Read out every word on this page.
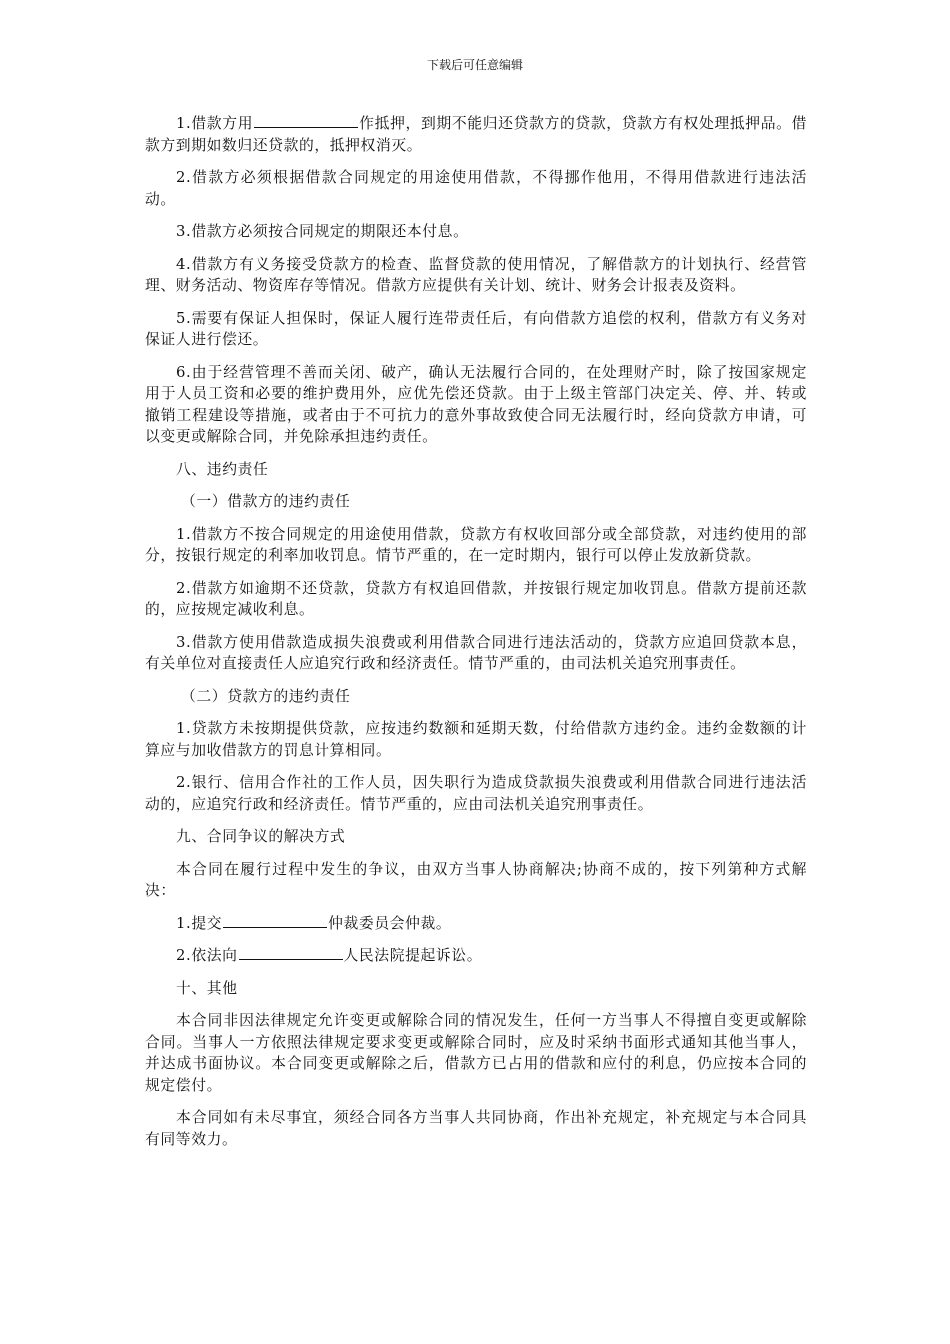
下载后可任意编辑

1.借款方用	作抵押，到期不能归还贷款方的贷款，贷款方有权处理抵押品。借款方到期如数归还贷款的，抵押权消灭。

2.借款方必须根据借款合同规定的用途使用借款，不得挪作他用，不得用借款进行违法活动。

3.借款方必须按合同规定的期限还本付息。

4.借款方有义务接受贷款方的检查、监督贷款的使用情况，了解借款方的计划执行、经营管理、财务活动、物资库存等情况。借款方应提供有关计划、统计、财务会计报表及资料。

5.需要有保证人担保时，保证人履行连带责任后，有向借款方追偿的权利，借款方有义务对保证人进行偿还。

6.由于经营管理不善而关闭、破产，确认无法履行合同的，在处理财产时，除了按国家规定用于人员工资和必要的维护费用外，应优先偿还贷款。由于上级主管部门决定关、停、并、转或撤销工程建设等措施，或者由于不可抗力的意外事故致使合同无法履行时，经向贷款方申请，可以变更或解除合同，并免除承担违约责任。

八、违约责任

（一）借款方的违约责任

1.借款方不按合同规定的用途使用借款，贷款方有权收回部分或全部贷款，对违约使用的部分，按银行规定的利率加收罚息。情节严重的，在一定时期内，银行可以停止发放新贷款。

2.借款方如逾期不还贷款，贷款方有权追回借款，并按银行规定加收罚息。借款方提前还款的，应按规定减收利息。

3.借款方使用借款造成损失浪费或利用借款合同进行违法活动的，贷款方应追回贷款本息，有关单位对直接责任人应追究行政和经济责任。情节严重的，由司法机关追究刑事责任。

（二）贷款方的违约责任

1.贷款方未按期提供贷款，应按违约数额和延期天数，付给借款方违约金。违约金数额的计算应与加收借款方的罚息计算相同。

2.银行、信用合作社的工作人员，因失职行为造成贷款损失浪费或利用借款合同进行违法活动的，应追究行政和经济责任。情节严重的，应由司法机关追究刑事责任。

九、合同争议的解决方式

本合同在履行过程中发生的争议，由双方当事人协商解决;协商不成的，按下列第种方式解决：

1.提交	仲裁委员会仲裁。

2.依法向	人民法院提起诉讼。

十、其他

本合同非因法律规定允许变更或解除合同的情况发生，任何一方当事人不得擅自变更或解除合同。当事人一方依照法律规定要求变更或解除合同时，应及时采纳书面形式通知其他当事人，并达成书面协议。本合同变更或解除之后，借款方已占用的借款和应付的利息，仍应按本合同的规定偿付。

本合同如有未尽事宜，须经合同各方当事人共同协商，作出补充规定，补充规定与本合同具有同等效力。
